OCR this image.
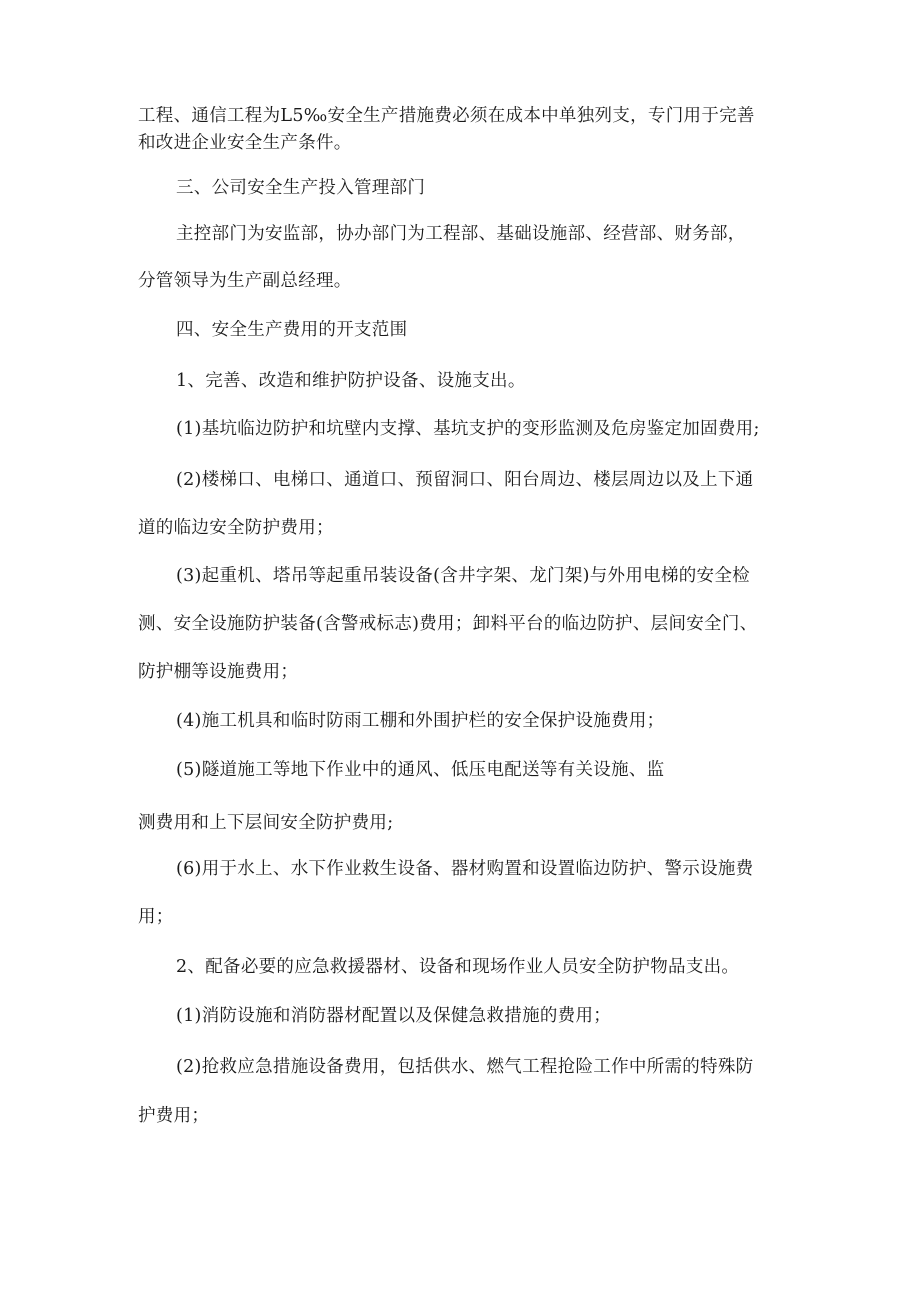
工程、通信工程为L5‰安全生产措施费必须在成本中单独列支，专门用于完善
和改进企业安全生产条件。
三、公司安全生产投入管理部门
主控部门为安监部，协办部门为工程部、基础设施部、经营部、财务部，
分管领导为生产副总经理。
四、安全生产费用的开支范围
1、完善、改造和维护防护设备、设施支出。
(1)基坑临边防护和坑壁内支撑、基坑支护的变形监测及危房鉴定加固费用;
(2)楼梯口、电梯口、通道口、预留洞口、阳台周边、楼层周边以及上下通
道的临边安全防护费用；
(3)起重机、塔吊等起重吊装设备(含井字架、龙门架)与外用电梯的安全检
测、安全设施防护装备(含警戒标志)费用；卸料平台的临边防护、层间安全门、
防护棚等设施费用；
(4)施工机具和临时防雨工棚和外围护栏的安全保护设施费用；
(5)隧道施工等地下作业中的通风、低压电配送等有关设施、监
测费用和上下层间安全防护费用;
(6)用于水上、水下作业救生设备、器材购置和设置临边防护、警示设施费
用；
2、配备必要的应急救援器材、设备和现场作业人员安全防护物品支出。
(1)消防设施和消防器材配置以及保健急救措施的费用；
(2)抢救应急措施设备费用，包括供水、燃气工程抢险工作中所需的特殊防
护费用；
